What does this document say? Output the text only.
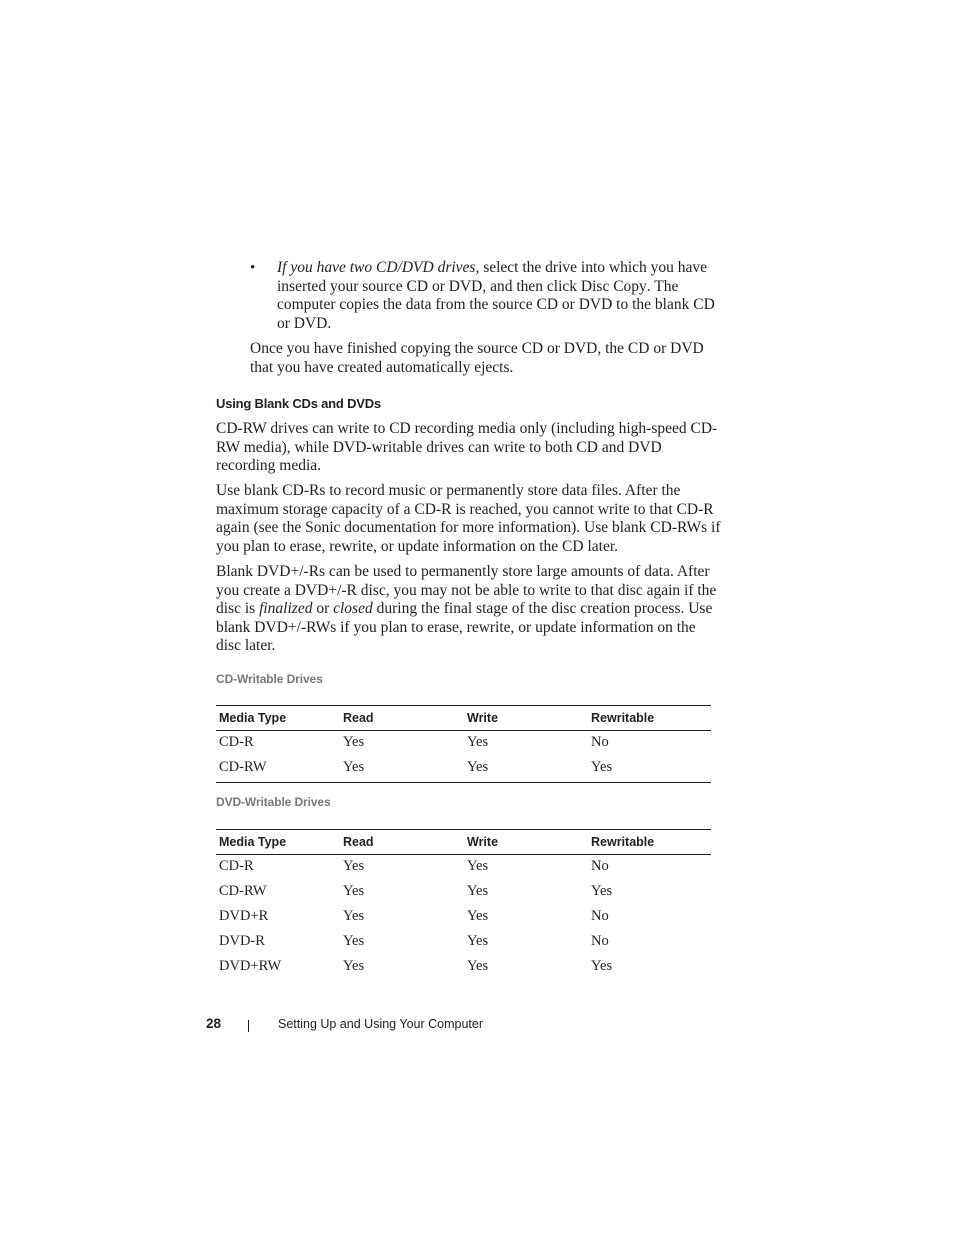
• If you have two CD/DVD drives, select the drive into which you have inserted your source CD or DVD, and then click Disc Copy. The computer copies the data from the source CD or DVD to the blank CD or DVD.

Once you have finished copying the source CD or DVD, the CD or DVD that you have created automatically ejects.

Using Blank CDs and DVDs

CD-RW drives can write to CD recording media only (including high-speed CD-RW media), while DVD-writable drives can write to both CD and DVD recording media.

Use blank CD-Rs to record music or permanently store data files. After the maximum storage capacity of a CD-R is reached, you cannot write to that CD-R again (see the Sonic documentation for more information). Use blank CD-RWs if you plan to erase, rewrite, or update information on the CD later.

Blank DVD+/-Rs can be used to permanently store large amounts of data. After you create a DVD+/-R disc, you may not be able to write to that disc again if the disc is finalized or closed during the final stage of the disc creation process. Use blank DVD+/-RWs if you plan to erase, rewrite, or update information on the disc later.

CD-Writable Drives

Media Type	Read	Write	Rewritable
CD-R	Yes	Yes	No
CD-RW	Yes	Yes	Yes

DVD-Writable Drives

Media Type	Read	Write	Rewritable
CD-R	Yes	Yes	No
CD-RW	Yes	Yes	Yes
DVD+R	Yes	Yes	No
DVD-R	Yes	Yes	No
DVD+RW	Yes	Yes	Yes
28	Setting Up and Using Your Computer
